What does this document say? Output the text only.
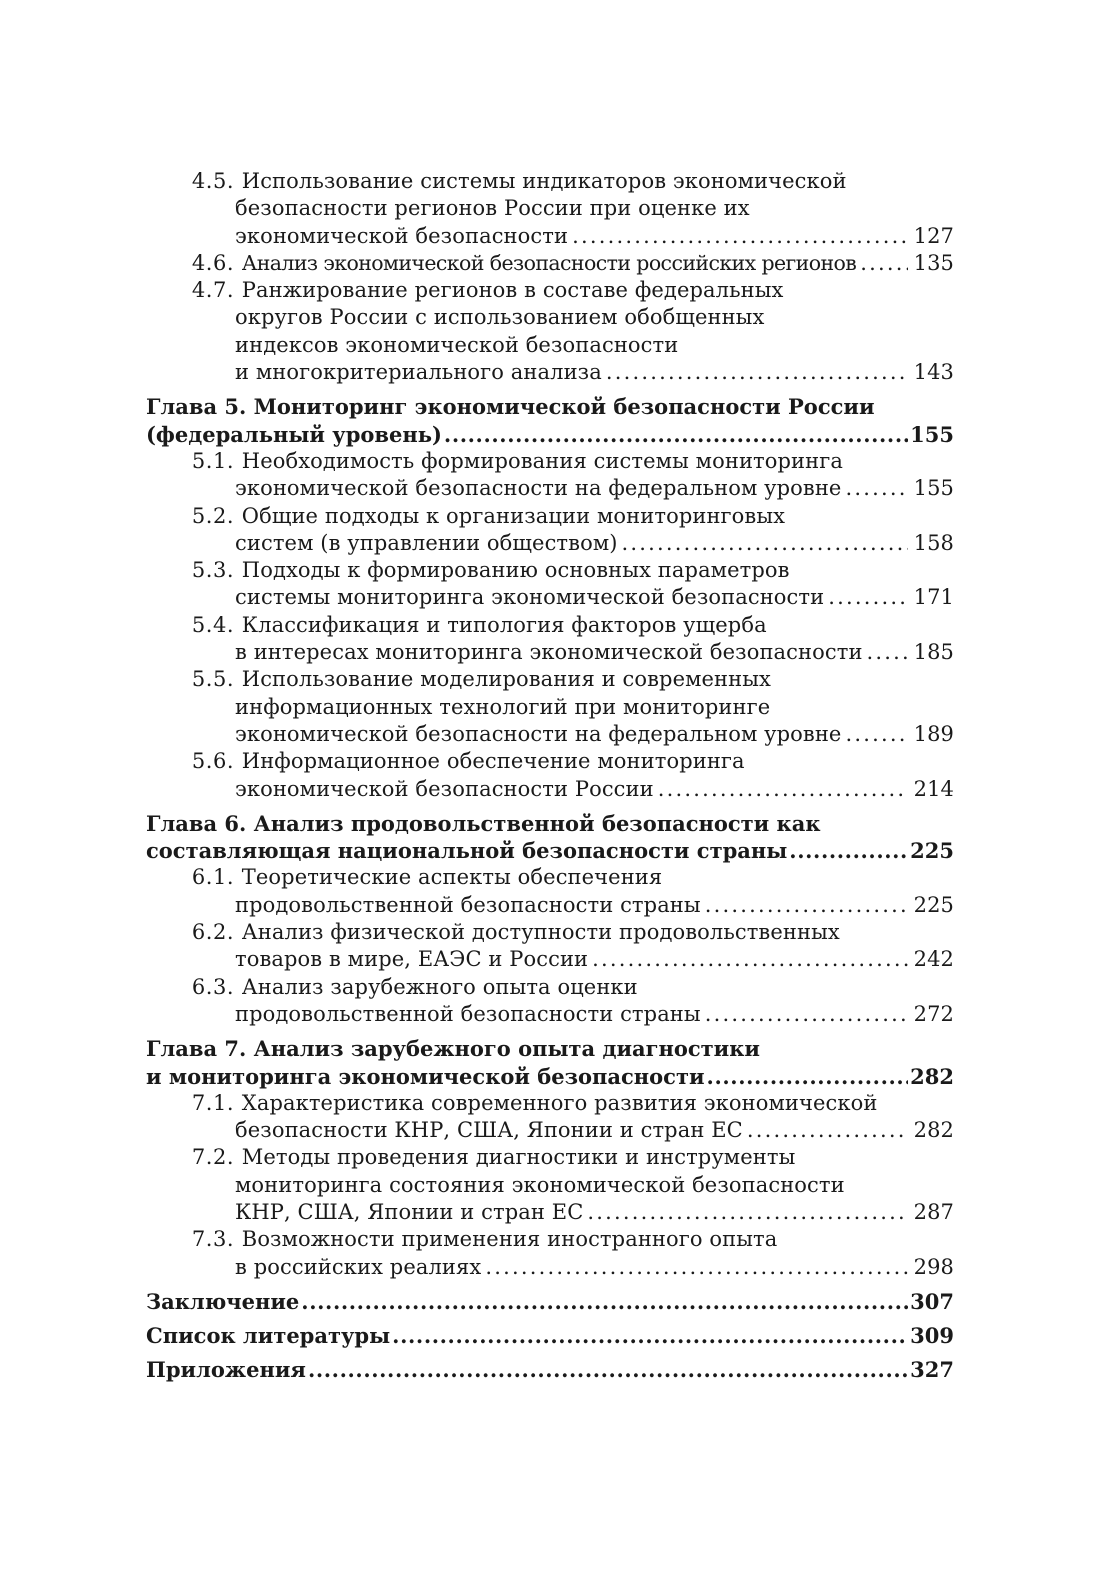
4.5.
Использование системы индикаторов экономической
безопасности регионов России при оценке их
экономической безопасности .....	127
4.6.
Анализ экономической безопасности российских регионов .....	135
4.7.
Ранжирование регионов в составе федеральных
округов России с использованием обобщенных
индексов экономической безопасности
и многокритериального анализа .....	143
Глава 5. Мониторинг экономической безопасности России
(федеральный уровень) .....	155
5.1.
Необходимость формирования системы мониторинга
экономической безопасности на федеральном уровне .....	155
5.2.
Общие подходы к организации мониторинговых
систем (в управлении обществом) .....	158
5.3.
Подходы к формированию основных параметров
системы мониторинга экономической безопасности .....	171
5.4.
Классификация и типология факторов ущерба
в интересах мониторинга экономической безопасности ..... 185
5.5.
Использование моделирования и современных
информационных технологий при мониторинге
экономической безопасности на федеральном уровне .....	189
5.6.
Информационное обеспечение мониторинга
экономической безопасности России .....	214
Глава 6. Анализ продовольственной безопасности как
составляющая национальной безопасности страны .....	225
6.1.
Теоретические аспекты обеспечения
продовольственной безопасности страны .....	225
6.2.
Анализ физической доступности продовольственных
товаров в мире, ЕАЭС и России .....	242
6.3.
Анализ зарубежного опыта оценки
продовольственной безопасности страны .....	272
Глава 7. Анализ зарубежного опыта диагностики
и мониторинга экономической безопасности .....	282
7.1.
Характеристика современного развития экономической
безопасности КНР, США, Японии и стран ЕС .....	282
7.2.
Методы проведения диагностики и инструменты
мониторинга состояния экономической безопасности
КНР, США, Японии и стран ЕС .....	287
7.3.
Возможности применения иностранного опыта
в российских реалиях .....	298
Заключение .....	307
Список литературы .....	309
Приложения .....	327
